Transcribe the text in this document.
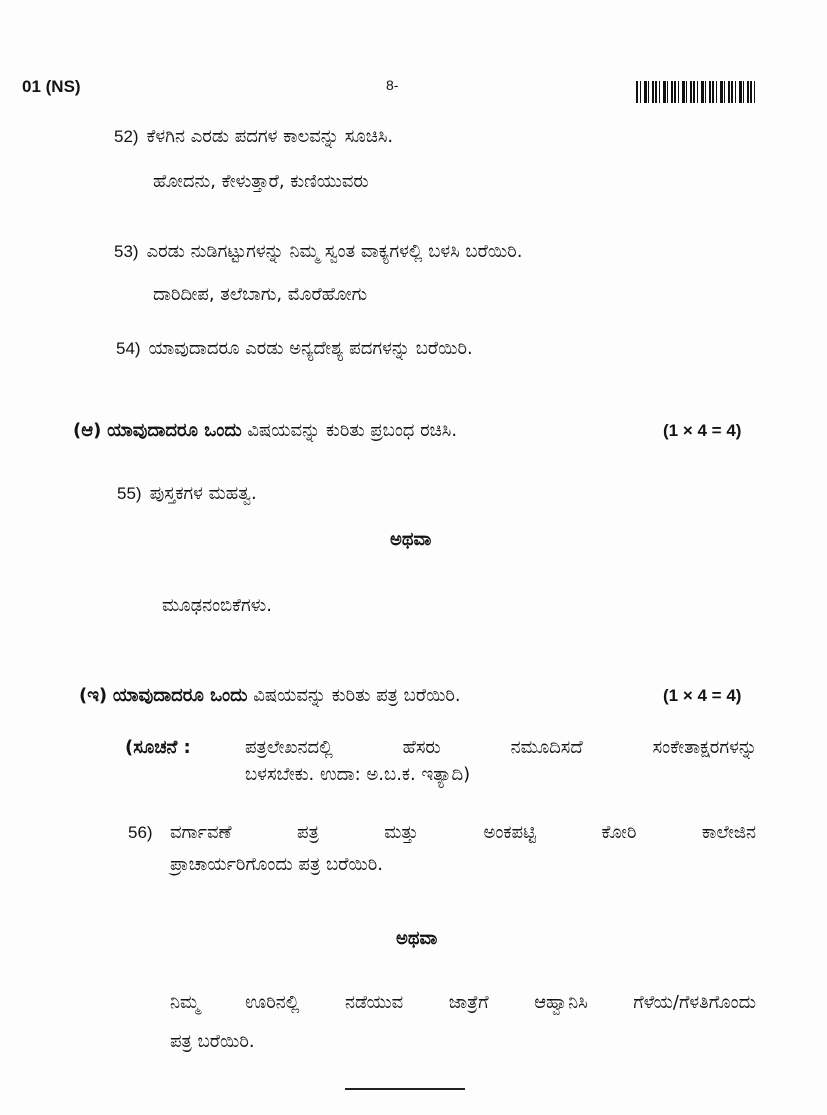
01 (NS)	8-
52) ಕೆಳಗಿನ ಎರಡು ಪದಗಳ ಕಾಲವನ್ನು ಸೂಚಿಸಿ.
ಹೋದನು, ಕೇಳುತ್ತಾರೆ, ಕುಣಿಯುವರು
53) ಎರಡು ನುಡಿಗಟ್ಟುಗಳನ್ನು ನಿಮ್ಮ ಸ್ವಂತ ವಾಕ್ಯಗಳಲ್ಲಿ ಬಳಸಿ ಬರೆಯಿರಿ.
ದಾರಿದೀಪ, ತಲೆಬಾಗು, ಮೊರೆಹೋಗು
54) ಯಾವುದಾದರೂ ಎರಡು ಅನ್ಯದೇಶ್ಯ ಪದಗಳನ್ನು ಬರೆಯಿರಿ.
(ಆ) ಯಾವುದಾದರೂ ಒಂದು ವಿಷಯವನ್ನು ಕುರಿತು ಪ್ರಬಂಧ ರಚಿಸಿ.	(1 × 4 = 4)
55) ಪುಸ್ತಕಗಳ ಮಹತ್ವ.
ಅಥವಾ
ಮೂಢನಂಬಿಕೆಗಳು.
(ಇ) ಯಾವುದಾದರೂ ಒಂದು ವಿಷಯವನ್ನು ಕುರಿತು ಪತ್ರ ಬರೆಯಿರಿ.	(1 × 4 = 4)
(ಸೂಚನೆ :	ಪತ್ರಲೇಖನದಲ್ಲಿ ಹೆಸರು ನಮೂದಿಸದೆ ಸಂಕೇತಾಕ್ಷರಗಳನ್ನು
ಬಳಸಬೇಕು. ಉದಾ: ಅ.ಬ.ಕ. ಇತ್ಯಾದಿ)
56) ವರ್ಗಾವಣೆ ಪತ್ರ ಮತ್ತು ಅಂಕಪಟ್ಟಿ ಕೋರಿ ಕಾಲೇಜಿನ
ಪ್ರಾಚಾರ್ಯರಿಗೊಂದು ಪತ್ರ ಬರೆಯಿರಿ.
ಅಥವಾ
ನಿಮ್ಮ ಊರಿನಲ್ಲಿ ನಡೆಯುವ ಜಾತ್ರೆಗೆ ಆಹ್ವಾನಿಸಿ ಗೆಳೆಯ/ಗೆಳತಿಗೊಂದು
ಪತ್ರ ಬರೆಯಿರಿ.
